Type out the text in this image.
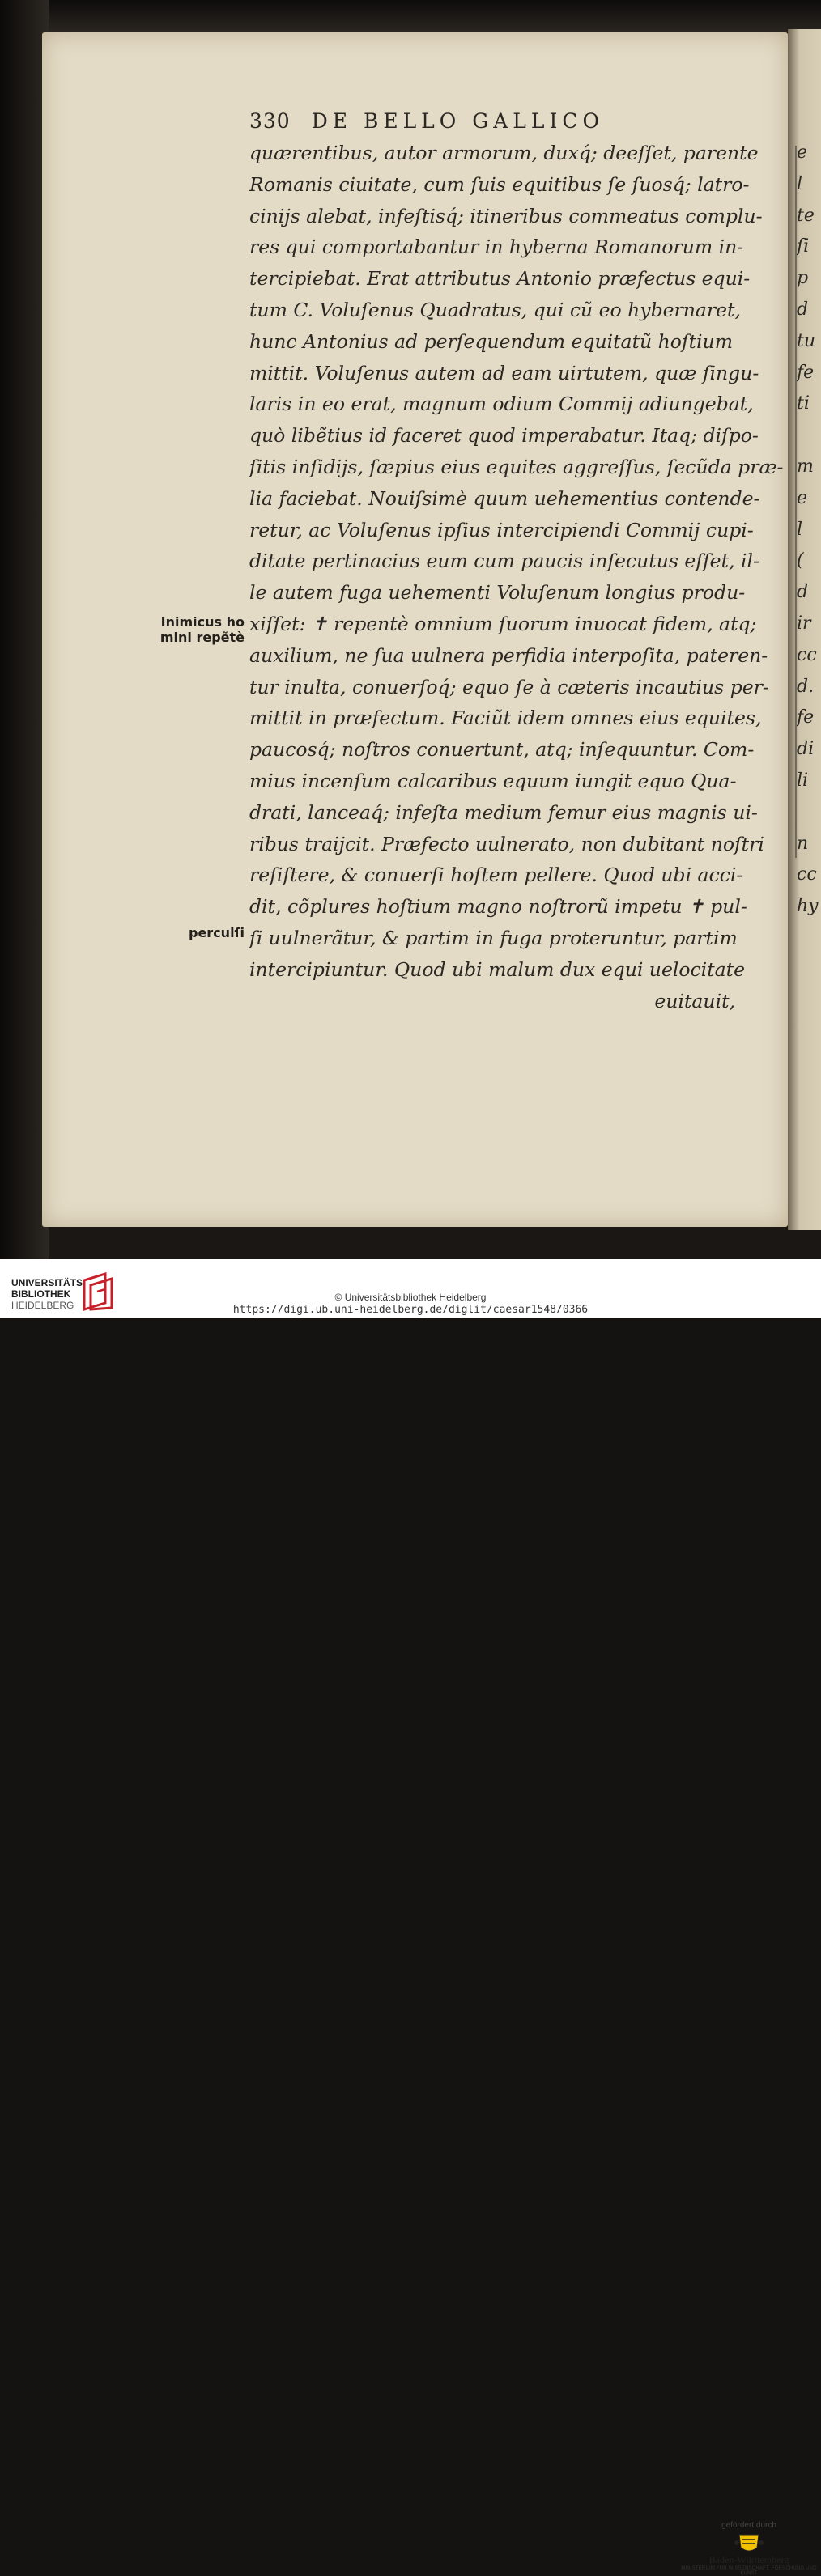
330 DE BELLO GALLICO
quærentibus, autor armorum, duxq́; deeſſet, parente
Romanis ciuitate, cum ſuis equitibus ſe ſuosq́; latro-
cinijs alebat, infeſtisq́; itineribus commeatus complu-
res qui comportabantur in hyberna Romanorum in-
tercipiebat. Erat attributus Antonio præfectus equi-
tum C. Voluſenus Quadratus, qui cũ eo hybernaret,
hunc Antonius ad perſequendum equitatũ hoſtium
mittit. Voluſenus autem ad eam uirtutem, quæ ſingu-
laris in eo erat, magnum odium Commij adiungebat,
quò libẽtius id faceret quod imperabatur. Itaq; diſpo-
ſitis inſidijs, ſæpius eius equites aggreſſus, ſecũda præ-
lia faciebat. Nouiſsimè quum uehementius contende-
retur, ac Voluſenus ipſius intercipiendi Commij cupi-
ditate pertinacius eum cum paucis inſecutus eſſet, il-
le autem fuga uehementi Voluſenum longius produ-
xiſſet: ✝ repentè omnium ſuorum inuocat fidem, atq;
auxilium, ne ſua uulnera perfidia interpoſita, pateren-
tur inulta, conuerſoq́; equo ſe à cæteris incautius per-
mittit in præfectum. Faciũt idem omnes eius equites,
paucosq́; noſtros conuertunt, atq; inſequuntur. Com-
mius incenſum calcaribus equum iungit equo Qua-
drati, lanceaq́; infeſta medium femur eius magnis ui-
ribus traijcit. Præfecto uulnerato, non dubitant noſtri
reſiſtere, & conuerſi hoſtem pellere. Quod ubi acci-
dit, cõplures hoſtium magno noſtrorũ impetu ✝ pul-
ſi uulnerãtur, & partim in fuga proteruntur, partim
intercipiuntur. Quod ubi malum dux equi uelocitate
euitauit,
Inimicus ho
mini repẽtè
perculſi
e
l
te
ſi
p
d
tu
fe
ti
m
e
l
(
d
ir
cc
d.
fe
di
li
n
cc
hy
UNIVERSITÄTS-
BIBLIOTHEK
HEIDELBERG
gefördert durch
Baden-Württemberg
MINISTERIUM FÜR WISSENSCHAFT, FORSCHUNG UND KUNST
© Universitätsbibliothek Heidelberg
https://digi.ub.uni-heidelberg.de/diglit/caesar1548/0366
